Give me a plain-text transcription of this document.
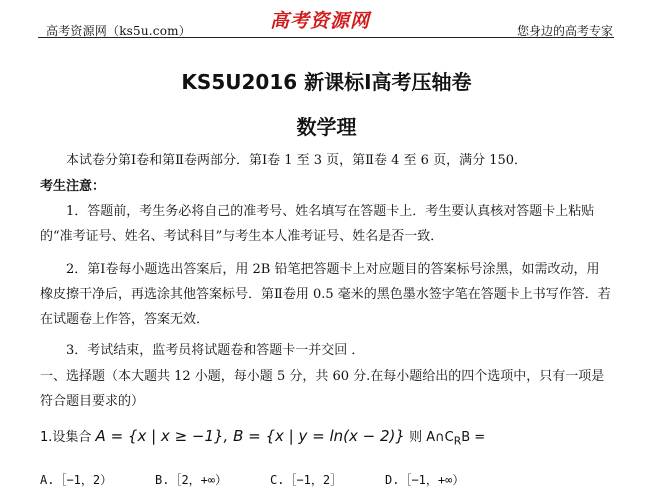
高考资源网（ks5u.com）	高考资源网	您身边的高考专家
KS5U2016 新课标Ⅰ高考压轴卷
数学理
本试卷分第Ⅰ卷和第Ⅱ卷两部分．第Ⅰ卷 1 至 3 页，第Ⅱ卷 4 至 6 页，满分 150．
考生注意：
1．答题前，考生务必将自己的准考号、姓名填写在答题卡上．考生要认真核对答题卡上粘贴的“准考证号、姓名、考试科目”与考生本人准考证号、姓名是否一致．
2．第Ⅰ卷每小题选出答案后，用 2B 铅笔把答题卡上对应题目的答案标号涂黑，如需改动，用橡皮擦干净后，再选涂其他答案标号．第Ⅱ卷用 0.5 毫米的黑色墨水签字笔在答题卡上书写作答．若在试题卷上作答，答案无效．
3．考试结束，监考员将试题卷和答题卡一并交回 ．
一、选择题（本大题共 12 小题，每小题 5 分，共 60 分.在每小题给出的四个选项中，只有一项是符合题目要求的）
1.设集合 A = {x | x ≥ −1}, B = {x | y = ln(x − 2)} 则 $A\cap C_RB$ =
A.［−1，2）	B.［2，+∞）	C.［−1，2］	D.［−1，+∞）
